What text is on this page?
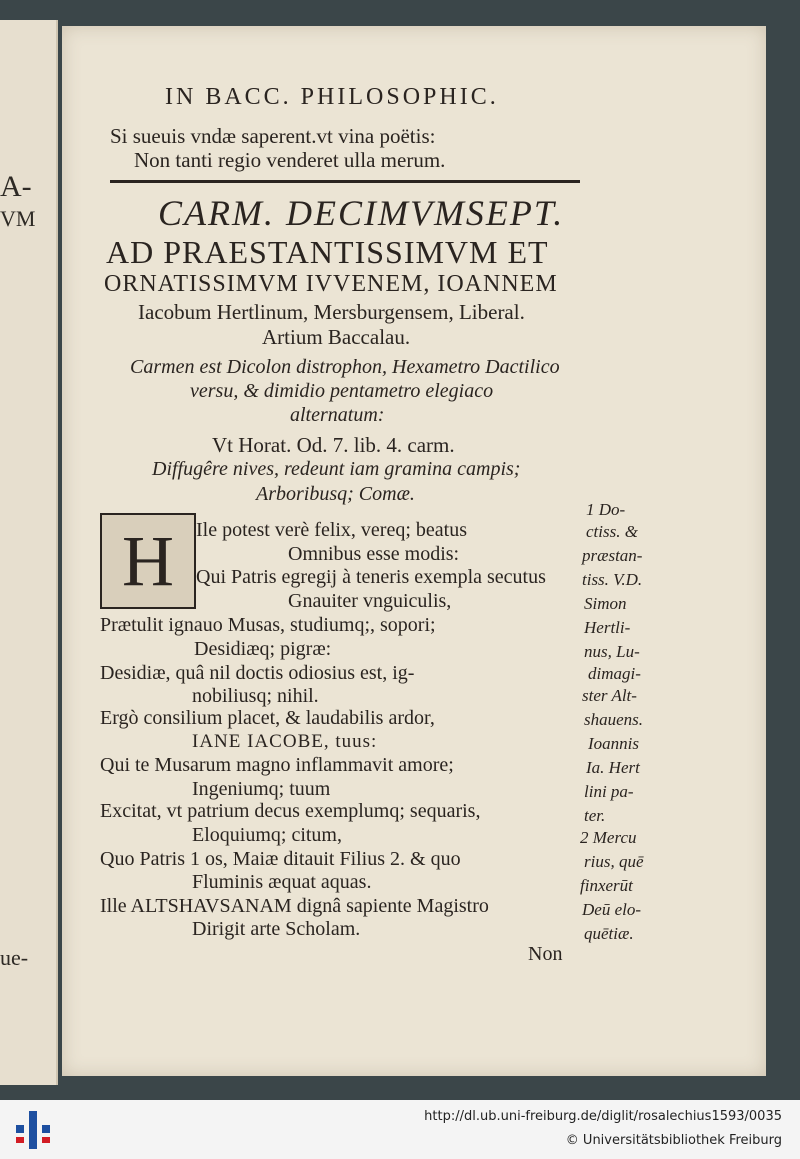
A-
VM
ue-
IN BACC. PHILOSOPHIC.
Si sueuis vndæ saperent.vt vina poëtis:
Non tanti regio venderet ulla merum.
CARM. DECIMVMSEPT.
AD PRAESTANTISSIMVM ET
ORNATISSIMVM IVVENEM, IOANNEM
Iacobum Hertlinum, Mersburgensem, Liberal.
Artium Baccalau.
Carmen est Dicolon distrophon, Hexametro Dactilico
versu, & dimidio pentametro elegiaco
alternatum:
Vt Horat. Od. 7. lib. 4. carm.
Diffugêre nives, redeunt iam gramina campis;
Arboribusq; Comæ.
H	Ile potest verè felix, vereq; beatus
Omnibus esse modis:
Qui Patris egregij à teneris exempla secutus
Gnauiter vnguiculis,
Prætulit ignauo Musas, studiumq;, sopori;
Desidiæq; pigræ:
Desidiæ, quâ nil doctis odiosius est, ig-
nobiliusq; nihil.
Ergò consilium placet, & laudabilis ardor,
IANE IACOBE, tuus:
Qui te Musarum magno inflammavit amore;
Ingeniumq; tuum
Excitat, vt patrium decus exemplumq; sequaris,
Eloquiumq; citum,
Quo Patris 1 os, Maiæ ditauit Filius 2. & quo
Fluminis æquat aquas.
Ille ALTSHAVSANAM dignâ sapiente Magistro
Dirigit arte Scholam.
Non
1 Do-
ctiss. &
præstan-
tiss. V.D.
Simon
Hertli-
nus, Lu-
dimagi-
ster Alt-
shauens.
Ioannis
Ia. Hert
lini pa-
ter.
2 Mercu
rius, quē
finxerūt
Deū elo-
quētiæ.
http://dl.ub.uni-freiburg.de/diglit/rosalechius1593/0035
© Universitätsbibliothek Freiburg
